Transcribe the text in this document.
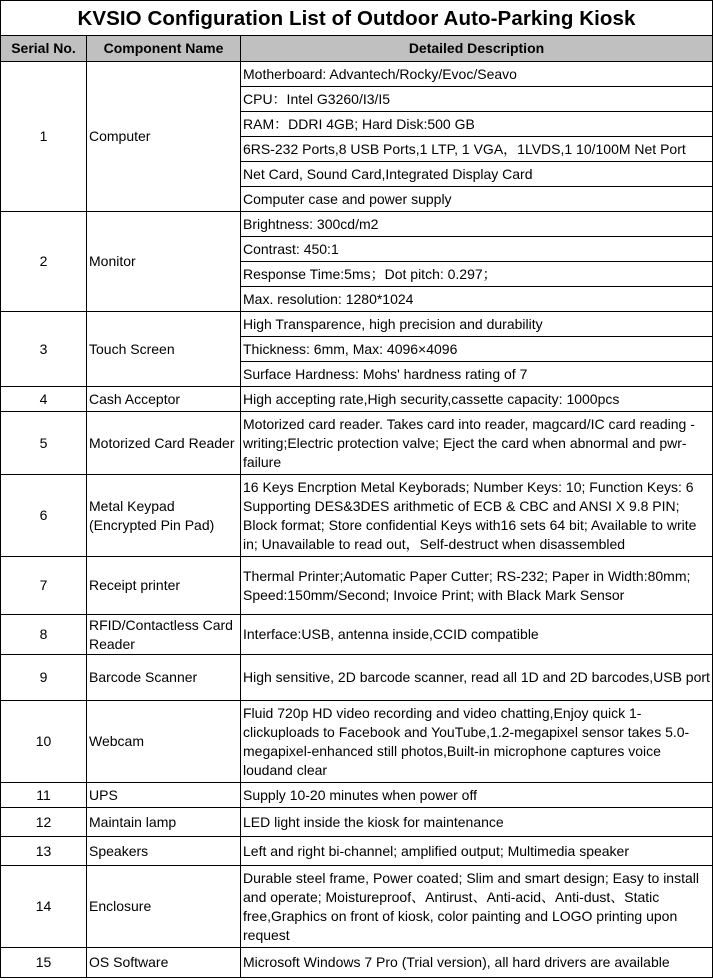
KVSIO Configuration List of Outdoor Auto-Parking Kiosk		
Serial No.	Component Name	Detailed Description
1	Computer	Motherboard: Advantech/Rocky/Evoc/Seavo
		CPU：Intel G3260/I3/I5
		RAM：DDRI 4GB; Hard Disk:500 GB
		6RS-232 Ports,8 USB Ports,1 LTP, 1 VGA，1LVDS,1 10/100M Net Port
		Net Card, Sound Card,Integrated Display Card
		Computer case and power supply
2	Monitor	Brightness: 300cd/m2
		Contrast: 450:1
		Response Time:5ms；Dot pitch: 0.297；
		Max. resolution: 1280*1024
3	Touch Screen	High Transparence, high precision and durability
		Thickness: 6mm, Max: 4096×4096
		Surface Hardness: Mohs' hardness rating of 7
4	Cash Acceptor	High accepting rate,High security,cassette capacity: 1000pcs
5	Motorized Card Reader	Motorized card reader. Takes card into reader, magcard/IC card reading - writing;Electric protection valve; Eject the card when abnormal and pwr-failure
6	Metal Keypad (Encrypted Pin Pad)	16 Keys Encrption Metal Keyborads; Number Keys: 10; Function Keys: 6 Supporting DES&3DES arithmetic of ECB & CBC and ANSI X 9.8 PIN; Block format; Store confidential Keys with16 sets 64 bit; Available to write in; Unavailable to read out，Self-destruct when disassembled
7	Receipt printer	Thermal Printer;Automatic Paper Cutter; RS-232; Paper in Width:80mm; Speed:150mm/Second; Invoice Print; with Black Mark Sensor
8	RFID/Contactless Card Reader	Interface:USB, antenna inside,CCID compatible
9	Barcode Scanner	High sensitive, 2D barcode scanner, read all 1D and 2D barcodes,USB port
10	Webcam	Fluid 720p HD video recording and video chatting,Enjoy quick 1-clickuploads to Facebook and YouTube,1.2-megapixel sensor takes 5.0-megapixel-enhanced still photos,Built-in microphone captures voice loudand clear
11	UPS	Supply 10-20 minutes when power off
12	Maintain lamp	LED light inside the kiosk for maintenance
13	Speakers	Left and right bi-channel; amplified output; Multimedia speaker
14	Enclosure	Durable steel frame, Power coated; Slim and smart design; Easy to install and operate; Moistureproof、Antirust、Anti-acid、Anti-dust、Static free,Graphics on front of kiosk, color painting and LOGO printing upon request
15	OS Software	Microsoft Windows 7 Pro (Trial version), all hard drivers are available
